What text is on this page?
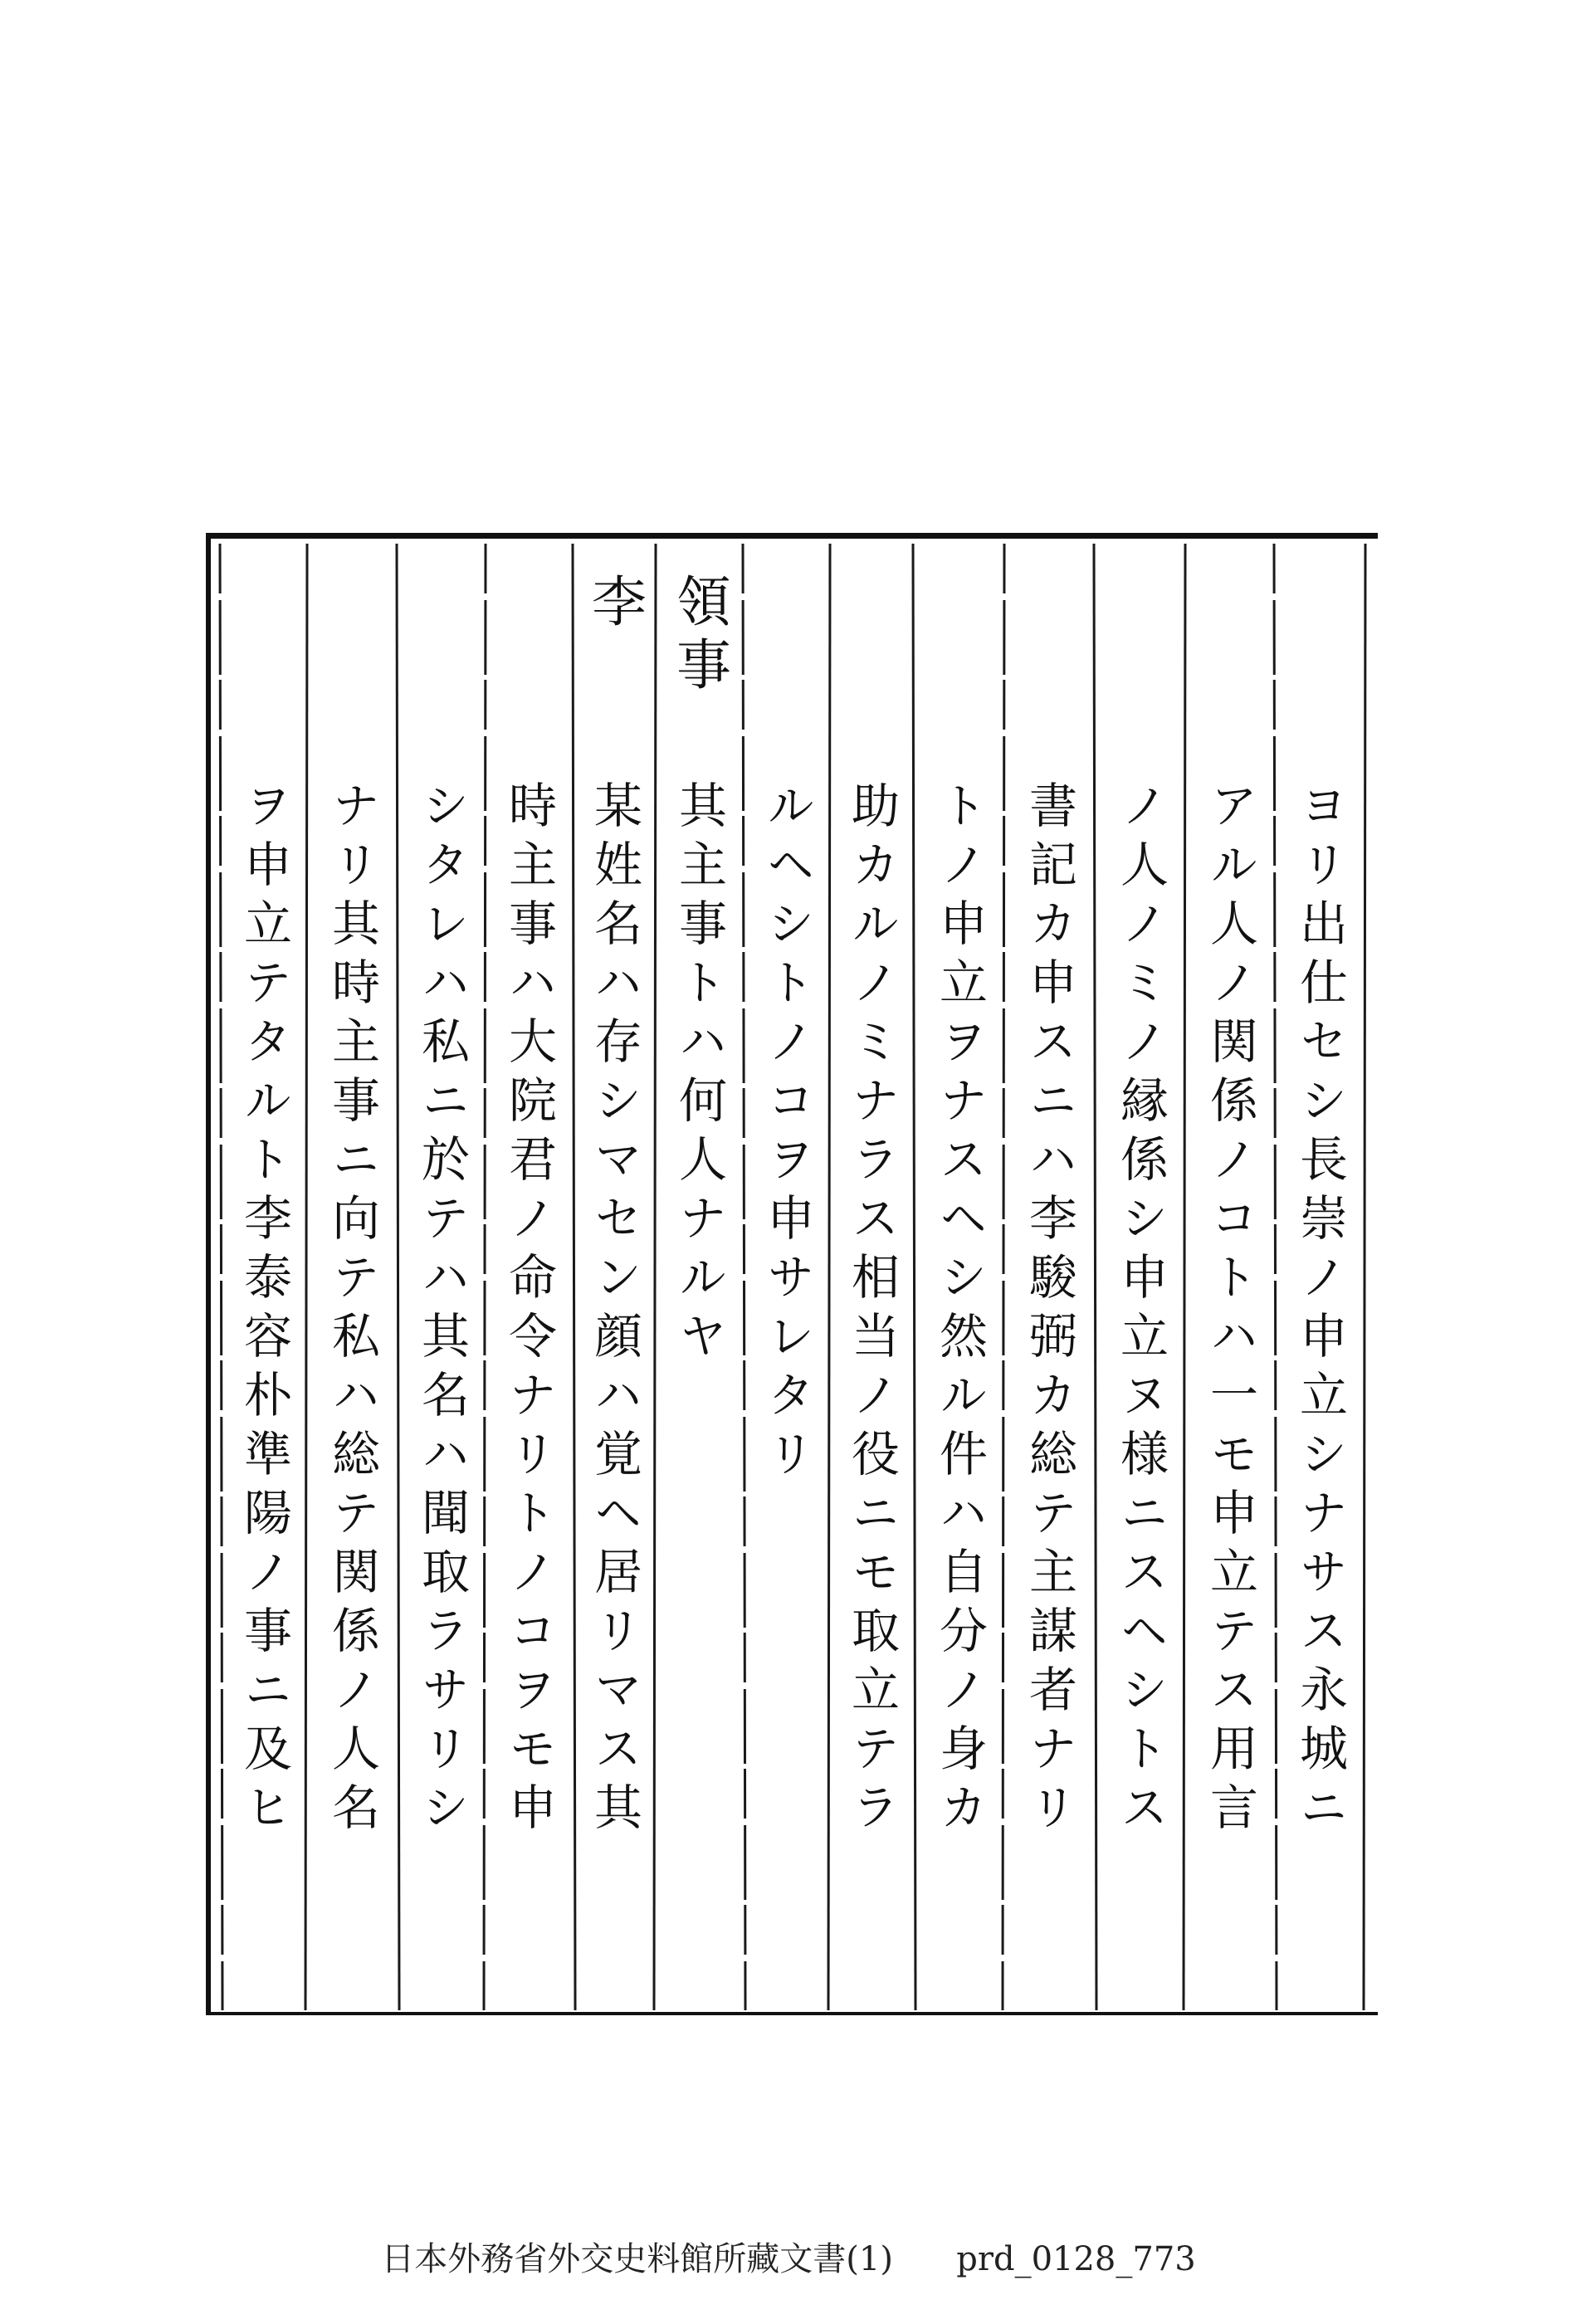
ヨリ出仕セシ長崇ノ申立シナサス永城ニ
アル人ノ関係ノコトハ一モ申立テス用言
ノ人ノミノ縁係シ申立ヌ様ニスヘシトス
書記カ申スニハ李駿弼カ総テ主謀者ナリ
トノ申立ヲナスヘシ然ル件ハ自分ノ身カ
助カルノミナラス相当ノ役ニモ取立テラ
ルヘシトノコヲ申サレタリ
領事
其主事トハ何人ナルヤ
李
某姓名ハ存シマセン顔ハ覚ヘ居リマス其
時主事ハ大院君ノ命令ナリトノコヲモ申
シタレハ私ニ於テハ其名ハ聞取ラサリシ
ナリ其時主事ニ向テ私ハ総テ関係ノ人名
ヲ申立テタルト李泰容朴準陽ノ事ニ及ヒ
日本外務省外交史料館所藏文書(1) prd_0128_773
